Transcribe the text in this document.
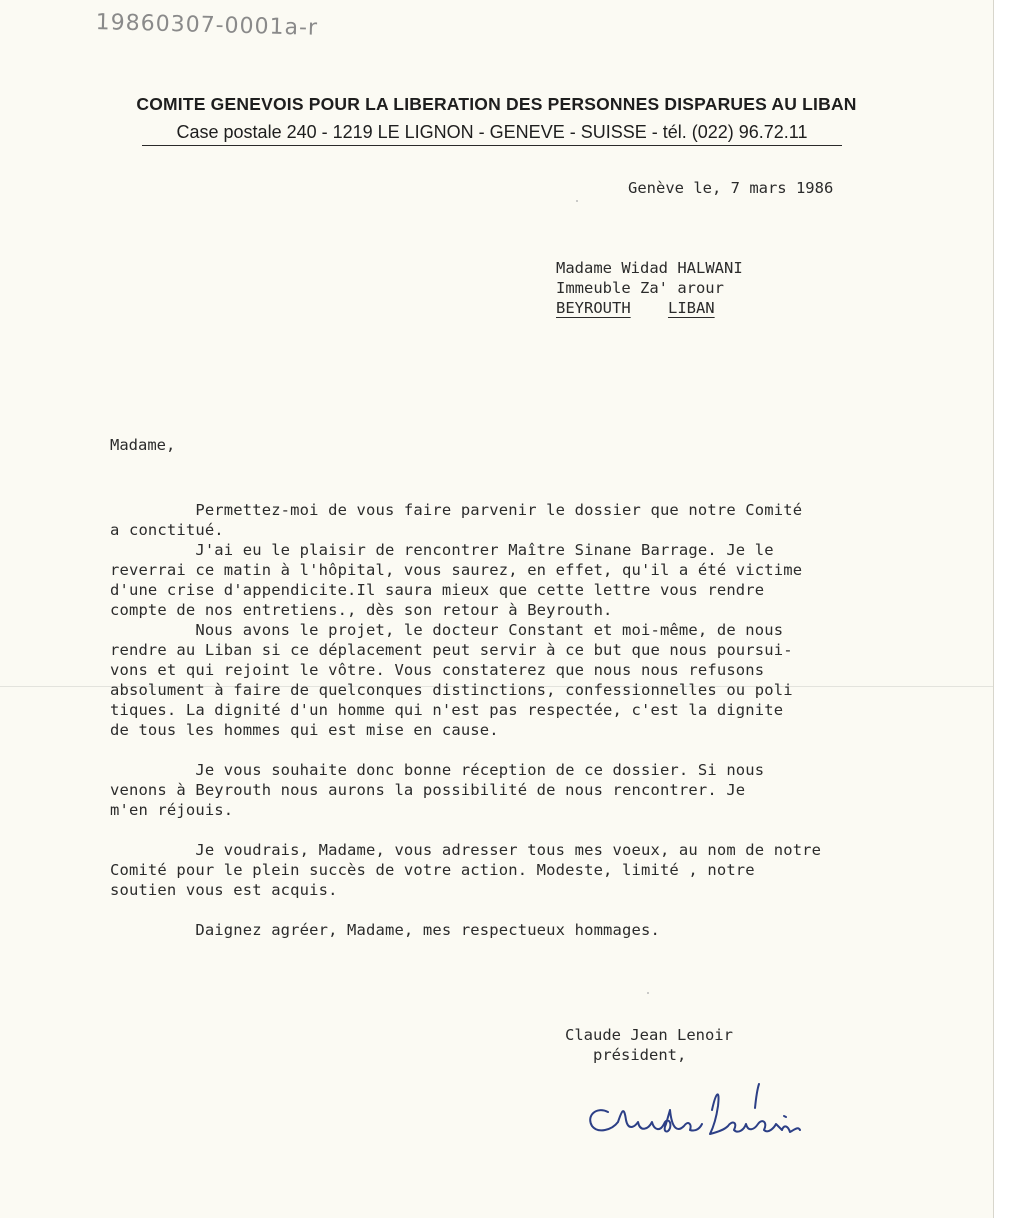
19860307-0001a-r
COMITE GENEVOIS POUR LA LIBERATION DES PERSONNES DISPARUES AU LIBAN
Case postale 240 - 1219 LE LIGNON - GENEVE - SUISSE - tél. (022) 96.72.11
Genève le, 7 mars 1986
Madame Widad HALWANI
Immeuble Za' arour
BEYROUTH LIBAN
Madame,
Permettez-moi de vous faire parvenir le dossier que notre Comité
a conctitué.
J'ai eu le plaisir de rencontrer Maître Sinane Barrage. Je le
reverrai ce matin à l'hôpital, vous saurez, en effet, qu'il a été victime
d'une crise d'appendicite.Il saura mieux que cette lettre vous rendre
compte de nos entretiens., dès son retour à Beyrouth.
Nous avons le projet, le docteur Constant et moi-même, de nous
rendre au Liban si ce déplacement peut servir à ce but que nous poursui-
vons et qui rejoint le vôtre. Vous constaterez que nous nous refusons
absolument à faire de quelconques distinctions, confessionnelles ou poli
tiques. La dignité d'un homme qui n'est pas respectée, c'est la dignite
de tous les hommes qui est mise en cause.

Je vous souhaite donc bonne réception de ce dossier. Si nous
venons à Beyrouth nous aurons la possibilité de nous rencontrer. Je
m'en réjouis.

Je voudrais, Madame, vous adresser tous mes voeux, au nom de notre
Comité pour le plein succès de votre action. Modeste, limité , notre
soutien vous est acquis.

Daignez agréer, Madame, mes respectueux hommages.
Claude Jean Lenoir
président,
